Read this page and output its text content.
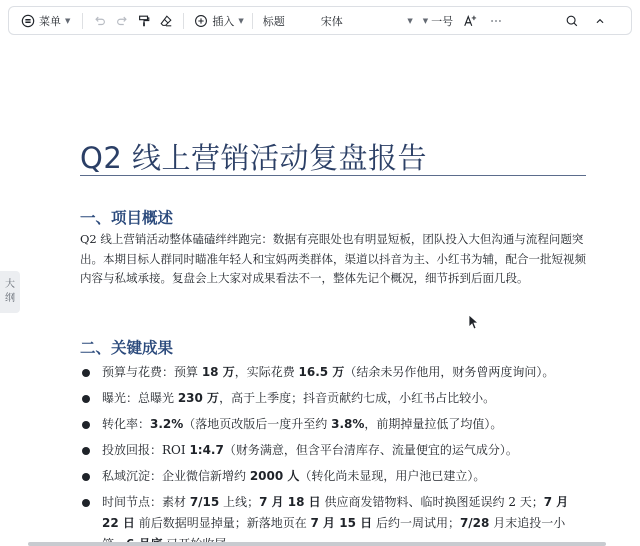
菜单 ▼	插入 ▼ 标题	宋体	▼ ▼ 一号
大
纲
Q2 线上营销活动复盘报告
一、项目概述
Q2 线上营销活动整体磕磕绊绊跑完：数据有亮眼处也有明显短板，团队投入大但沟通与流程问题突出。本期目标人群同时瞄准年轻人和宝妈两类群体，渠道以抖音为主、小红书为辅，配合一批短视频内容与私域承接。复盘会上大家对成果看法不一，整体先记个概况，细节拆到后面几段。
二、关键成果
预算与花费：预算 18 万，实际花费 16.5 万（结余未另作他用，财务曾两度询问）。
曝光：总曝光 230 万，高于上季度；抖音贡献约七成，小红书占比较小。
转化率：3.2%（落地页改版后一度升至约 3.8%，前期掉量拉低了均值）。
投放回报：ROI 1:4.7（财务满意，但含平台清库存、流量便宜的运气成分）。
私域沉淀：企业微信新增约 2000 人（转化尚未显现，用户池已建立）。
时间节点：素材 7/15 上线；7 月 18 日 供应商发错物料、临时换图延误约 2 天；7 月 22 日 前后数据明显掉量；新落地页在 7 月 15 日 后约一周试用；7/28 月末追投一小
